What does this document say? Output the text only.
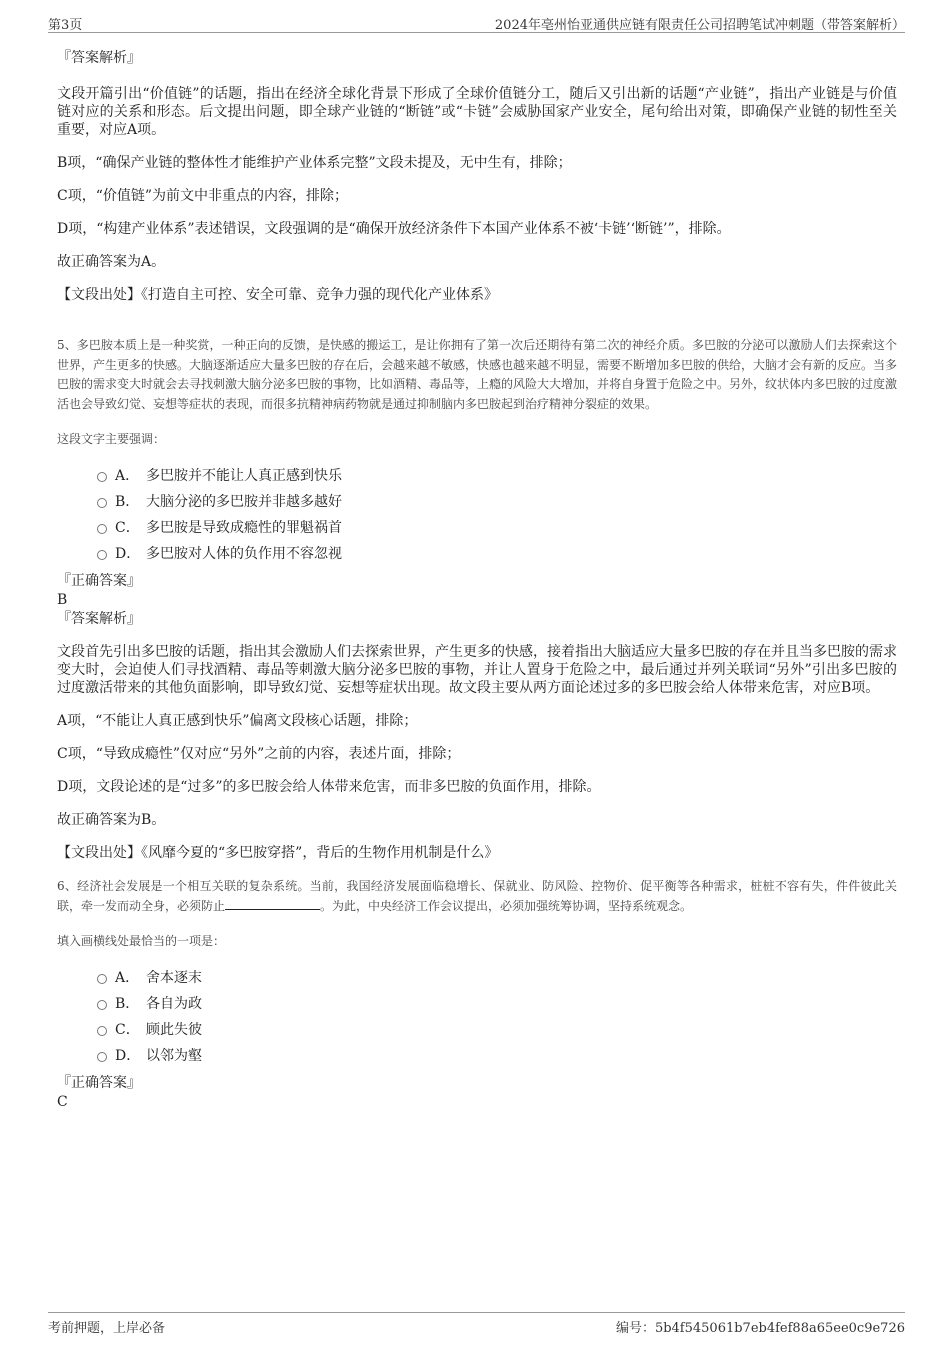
第3页	2024年亳州怡亚通供应链有限责任公司招聘笔试冲刺题（带答案解析）

『答案解析』

文段开篇引出“价值链”的话题，指出在经济全球化背景下形成了全球价值链分工，随后又引出新的话题“产业链”，指出产业链是与价值链对应的关系和形态。后文提出问题，即全球产业链的“断链”或“卡链”会威胁国家产业安全，尾句给出对策，即确保产业链的韧性至关重要，对应A项。

B项，“确保产业链的整体性才能维护产业体系完整”文段未提及，无中生有，排除；

C项，“价值链”为前文中非重点的内容，排除；

D项，“构建产业体系”表述错误，文段强调的是“确保开放经济条件下本国产业体系不被‘卡链’‘断链’”，排除。

故正确答案为A。

【文段出处】《打造自主可控、安全可靠、竞争力强的现代化产业体系》

5、多巴胺本质上是一种奖赏，一种正向的反馈，是快感的搬运工，是让你拥有了第一次后还期待有第二次的神经介质。多巴胺的分泌可以激励人们去探索这个世界，产生更多的快感。大脑逐渐适应大量多巴胺的存在后，会越来越不敏感，快感也越来越不明显，需要不断增加多巴胺的供给，大脑才会有新的反应。当多巴胺的需求变大时就会去寻找刺激大脑分泌多巴胺的事物，比如酒精、毒品等，上瘾的风险大大增加，并将自身置于危险之中。另外，纹状体内多巴胺的过度激活也会导致幻觉、妄想等症状的表现，而很多抗精神病药物就是通过抑制脑内多巴胺起到治疗精神分裂症的效果。

这段文字主要强调：

A． 多巴胺并不能让人真正感到快乐
B． 大脑分泌的多巴胺并非越多越好
C． 多巴胺是导致成瘾性的罪魁祸首
D． 多巴胺对人体的负作用不容忽视

『正确答案』

B

『答案解析』

文段首先引出多巴胺的话题，指出其会激励人们去探索世界，产生更多的快感，接着指出大脑适应大量多巴胺的存在并且当多巴胺的需求变大时，会迫使人们寻找酒精、毒品等刺激大脑分泌多巴胺的事物，并让人置身于危险之中，最后通过并列关联词“另外”引出多巴胺的过度激活带来的其他负面影响，即导致幻觉、妄想等症状出现。故文段主要从两方面论述过多的多巴胺会给人体带来危害，对应B项。

A项，“不能让人真正感到快乐”偏离文段核心话题，排除；

C项，“导致成瘾性”仅对应“另外”之前的内容，表述片面，排除；

D项，文段论述的是“过多”的多巴胺会给人体带来危害，而非多巴胺的负面作用，排除。

故正确答案为B。

【文段出处】《风靡今夏的“多巴胺穿搭”，背后的生物作用机制是什么》

6、经济社会发展是一个相互关联的复杂系统。当前，我国经济发展面临稳增长、保就业、防风险、控物价、促平衡等各种需求，桩桩不容有失，件件彼此关联，牵一发而动全身，必须防止	。为此，中央经济工作会议提出，必须加强统筹协调，坚持系统观念。

填入画横线处最恰当的一项是：

A． 舍本逐末
B． 各自为政
C． 顾此失彼
D． 以邻为壑

『正确答案』

C

考前押题，上岸必备	编号：5b4f545061b7eb4fef88a65ee0c9e726
